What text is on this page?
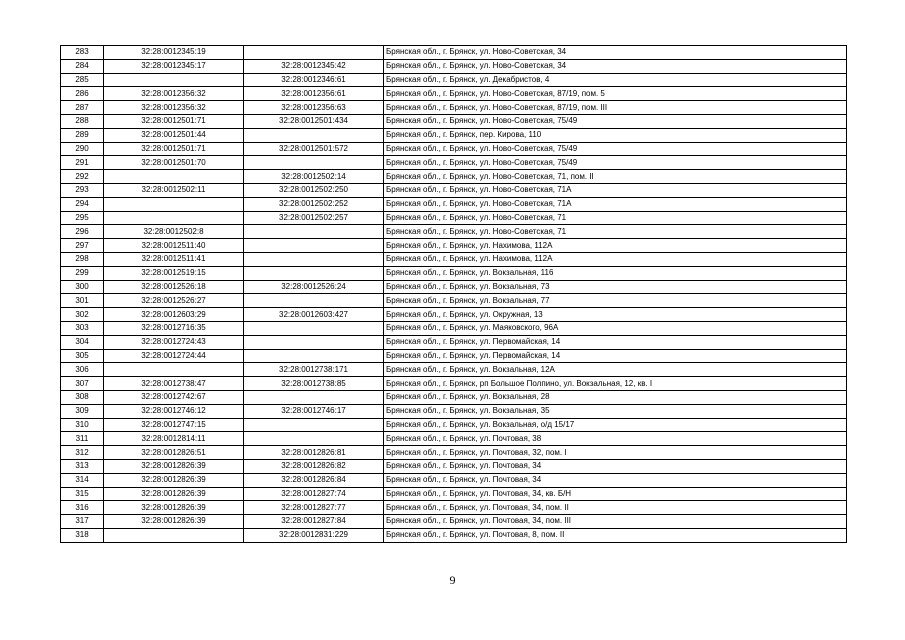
283	32:28:0012345:19		Брянская обл., г. Брянск, ул. Ново-Советская, 34
284	32:28:0012345:17	32:28:0012345:42	Брянская обл., г. Брянск, ул. Ново-Советская, 34
285		32:28:0012346:61	Брянская обл., г. Брянск, ул. Декабристов, 4
286	32:28:0012356:32	32:28:0012356:61	Брянская обл., г. Брянск, ул. Ново-Советская, 87/19, пом. 5
287	32:28:0012356:32	32:28:0012356:63	Брянская обл., г. Брянск, ул. Ново-Советская, 87/19, пом. III
288	32:28:0012501:71	32:28:0012501:434	Брянская обл., г. Брянск, ул. Ново-Советская, 75/49
289	32:28:0012501:44		Брянская обл., г. Брянск, пер. Кирова, 110
290	32:28:0012501:71	32:28:0012501:572	Брянская обл., г. Брянск, ул. Ново-Советская, 75/49
291	32:28:0012501:70		Брянская обл., г. Брянск, ул. Ново-Советская, 75/49
292		32:28:0012502:14	Брянская обл., г. Брянск, ул. Ново-Советская, 71, пом. II
293	32:28:0012502:11	32:28:0012502:250	Брянская обл., г. Брянск, ул. Ново-Советская, 71А
294		32:28:0012502:252	Брянская обл., г. Брянск, ул. Ново-Советская, 71А
295		32:28:0012502:257	Брянская обл., г. Брянск, ул. Ново-Советская, 71
296	32:28:0012502:8		Брянская обл., г. Брянск, ул. Ново-Советская, 71
297	32:28:0012511:40		Брянская обл., г. Брянск, ул. Нахимова, 112А
298	32:28:0012511:41		Брянская обл., г. Брянск, ул. Нахимова, 112А
299	32:28:0012519:15		Брянская обл., г. Брянск, ул. Вокзальная, 116
300	32:28:0012526:18	32:28:0012526:24	Брянская обл., г. Брянск, ул. Вокзальная, 73
301	32:28:0012526:27		Брянская обл., г. Брянск, ул. Вокзальная, 77
302	32:28:0012603:29	32:28:0012603:427	Брянская обл., г. Брянск, ул. Окружная, 13
303	32:28:0012716:35		Брянская обл., г. Брянск, ул. Маяковского, 96А
304	32:28:0012724:43		Брянская обл., г. Брянск, ул. Первомайская, 14
305	32:28:0012724:44		Брянская обл., г. Брянск, ул. Первомайская, 14
306		32:28:0012738:171	Брянская обл., г. Брянск, ул. Вокзальная, 12А
307	32:28:0012738:47	32:28:0012738:85	Брянская обл., г. Брянск, рп Большое Полпино, ул. Вокзальная, 12, кв. I
308	32:28:0012742:67		Брянская обл., г. Брянск, ул. Вокзальная, 28
309	32:28:0012746:12	32:28:0012746:17	Брянская обл., г. Брянск, ул. Вокзальная, 35
310	32:28:0012747:15		Брянская обл., г. Брянск, ул. Вокзальная, о/д 15/17
311	32:28:0012814:11		Брянская обл., г. Брянск, ул. Почтовая, 38
312	32:28:0012826:51	32:28:0012826:81	Брянская обл., г. Брянск, ул. Почтовая, 32, пом. I
313	32:28:0012826:39	32:28:0012826:82	Брянская обл., г. Брянск, ул. Почтовая, 34
314	32:28:0012826:39	32:28:0012826:84	Брянская обл., г. Брянск, ул. Почтовая, 34
315	32:28:0012826:39	32:28:0012827:74	Брянская обл., г. Брянск, ул. Почтовая, 34, кв. Б/Н
316	32:28:0012826:39	32:28:0012827:77	Брянская обл., г. Брянск, ул. Почтовая, 34, пом. II
317	32:28:0012826:39	32:28:0012827:84	Брянская обл., г. Брянск, ул. Почтовая, 34, пом. III
318		32:28:0012831:229	Брянская обл., г. Брянск, ул. Почтовая, 8, пом. II
9
